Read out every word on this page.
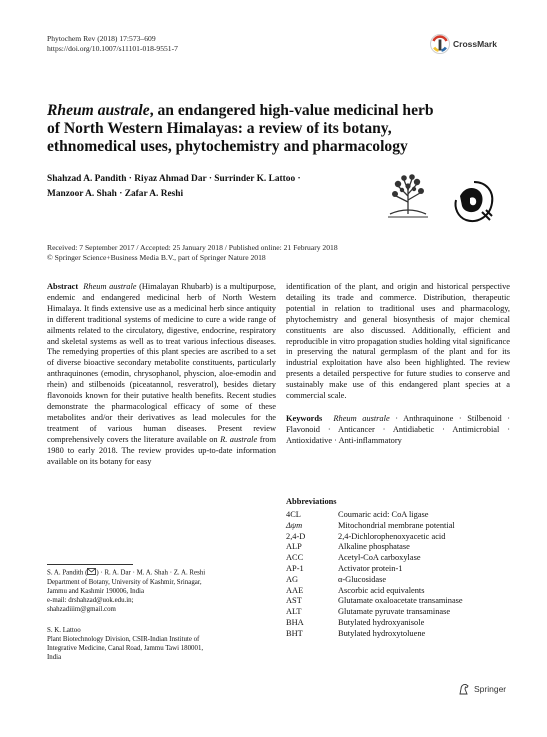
Phytochem Rev (2018) 17:573–609
https://doi.org/10.1007/s11101-018-9551-7	CrossMark
Rheum australe, an endangered high-value medicinal herb
of North Western Himalayas: a review of its botany,
ethnomedical uses, phytochemistry and pharmacology
Shahzad A. Pandith · Riyaz Ahmad Dar · Surrinder K. Lattoo ·
Manzoor A. Shah · Zafar A. Reshi
Received: 7 September 2017 / Accepted: 25 January 2018 / Published online: 21 February 2018
© Springer Science+Business Media B.V., part of Springer Nature 2018
Abstract Rheum australe (Himalayan Rhubarb) is a multipurpose, endemic and endangered medicinal herb of North Western Himalaya. It finds extensive use as a medicinal herb since antiquity in different traditional systems of medicine to cure a wide range of ailments related to the circulatory, digestive, endocrine, respiratory and skeletal systems as well as to treat various infectious diseases. The remedying properties of this plant species are ascribed to a set of diverse bioactive secondary metabolite constituents, particularly anthraquinones (emodin, chrysophanol, physcion, aloe-emodin and rhein) and stilbenoids (piceatannol, resveratrol), besides dietary flavonoids known for their putative health benefits. Recent studies demonstrate the pharmacological efficacy of some of these metabolites and/or their derivatives as lead molecules for the treatment of various human diseases. Present review comprehensively covers the literature available on R. australe from 1980 to early 2018. The review provides up-to-date information available on its botany for easy
identification of the plant, and origin and historical perspective detailing its trade and commerce. Distribution, therapeutic potential in relation to traditional uses and pharmacology, phytochemistry and general biosynthesis of major chemical constituents are also discussed. Additionally, efficient and reproducible in vitro propagation studies holding vital significance in preserving the natural germplasm of the plant and for its industrial exploitation have also been highlighted. The review presents a detailed perspective for future studies to conserve and sustainably make use of this endangered plant species at a commercial scale.
Keywords Rheum australe · Anthraquinone · Stilbenoid · Flavonoid · Anticancer · Antidiabetic · Antimicrobial · Antioxidative · Anti-inflammatory
Abbreviations
4CL	Coumaric acid: CoA ligase
Δψm	Mitochondrial membrane potential
2,4-D	2,4-Dichlorophenoxyacetic acid
ALP	Alkaline phosphatase
ACC	Acetyl-CoA carboxylase
AP-1	Activator protein-1
AG	α-Glucosidase
AAE	Ascorbic acid equivalents
AST	Glutamate oxaloacetate transaminase
ALT	Glutamate pyruvate transaminase
BHA	Butylated hydroxyanisole
BHT	Butylated hydroxytoluene
S. A. Pandith ( ) · R. A. Dar · M. A. Shah · Z. A. Reshi
Department of Botany, University of Kashmir, Srinagar,
Jammu and Kashmir 190006, India
e-mail: drshahzad@uok.edu.in;
shahzadiiim@gmail.com
S. K. Lattoo
Plant Biotechnology Division, CSIR-Indian Institute of
Integrative Medicine, Canal Road, Jammu Tawi 180001,
India
Springer
